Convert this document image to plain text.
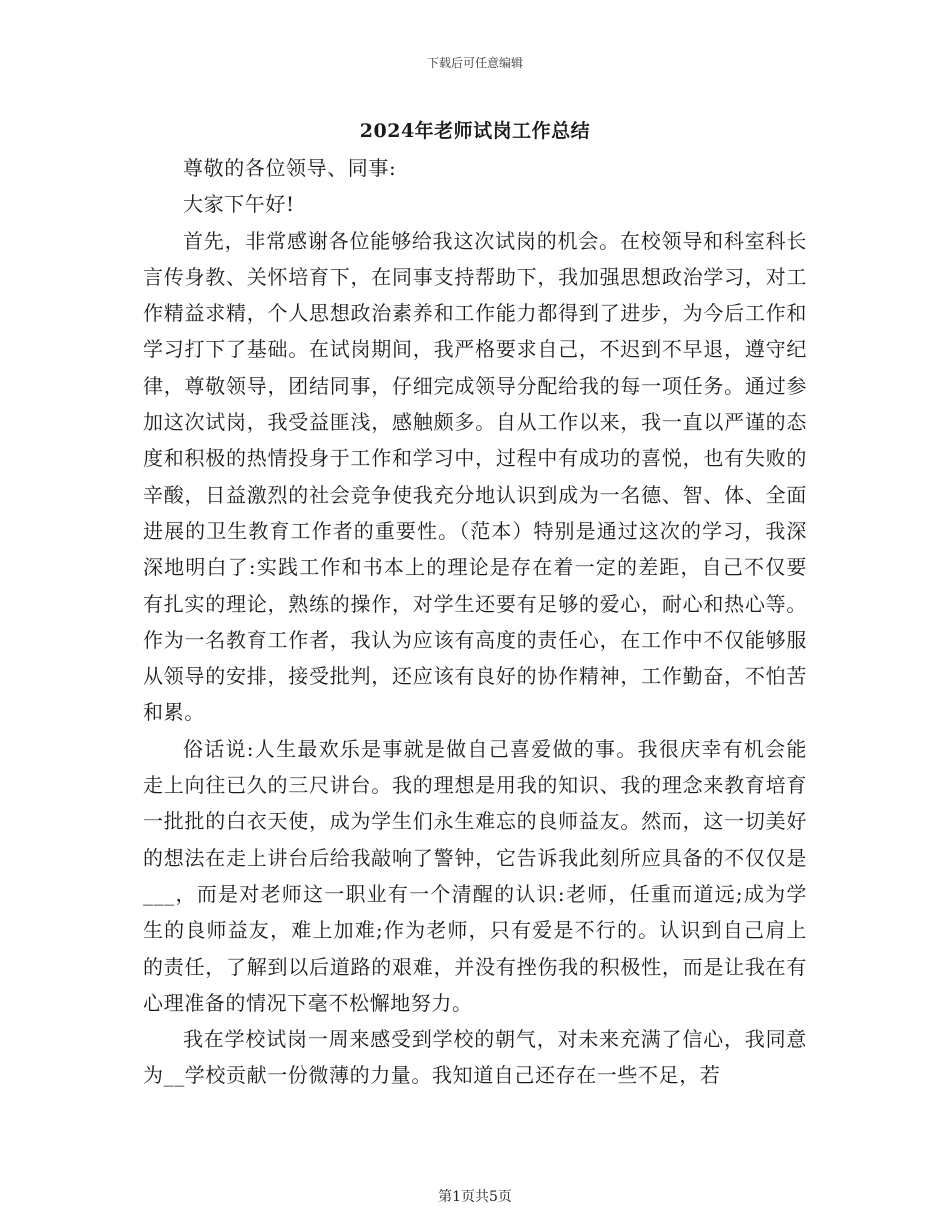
下载后可任意编辑
2024年老师试岗工作总结

尊敬的各位领导、同事:

大家下午好!

首先，非常感谢各位能够给我这次试岗的机会。在校领导和科室科长言传身教、关怀培育下，在同事支持帮助下，我加强思想政治学习，对工作精益求精，个人思想政治素养和工作能力都得到了进步，为今后工作和学习打下了基础。在试岗期间，我严格要求自己，不迟到不早退，遵守纪律，尊敬领导，团结同事，仔细完成领导分配给我的每一项任务。通过参加这次试岗，我受益匪浅，感触颇多。自从工作以来，我一直以严谨的态度和积极的热情投身于工作和学习中，过程中有成功的喜悦，也有失败的辛酸，日益激烈的社会竞争使我充分地认识到成为一名德、智、体、全面进展的卫生教育工作者的重要性。（范本）特别是通过这次的学习，我深深地明白了:实践工作和书本上的理论是存在着一定的差距，自己不仅要有扎实的理论，熟练的操作，对学生还要有足够的爱心，耐心和热心等。作为一名教育工作者，我认为应该有高度的责任心，在工作中不仅能够服从领导的安排，接受批判，还应该有良好的协作精神，工作勤奋，不怕苦和累。

俗话说:人生最欢乐是事就是做自己喜爱做的事。我很庆幸有机会能走上向往已久的三尺讲台。我的理想是用我的知识、我的理念来教育培育一批批的白衣天使，成为学生们永生难忘的良师益友。然而，这一切美好的想法在走上讲台后给我敲响了警钟，它告诉我此刻所应具备的不仅仅是___，而是对老师这一职业有一个清醒的认识:老师，任重而道远;成为学生的良师益友，难上加难;作为老师，只有爱是不行的。认识到自己肩上的责任，了解到以后道路的艰难，并没有挫伤我的积极性，而是让我在有心理准备的情况下毫不松懈地努力。

我在学校试岗一周来感受到学校的朝气，对未来充满了信心，我同意为__学校贡献一份微薄的力量。我知道自己还存在一些不足，若

第1页共5页
